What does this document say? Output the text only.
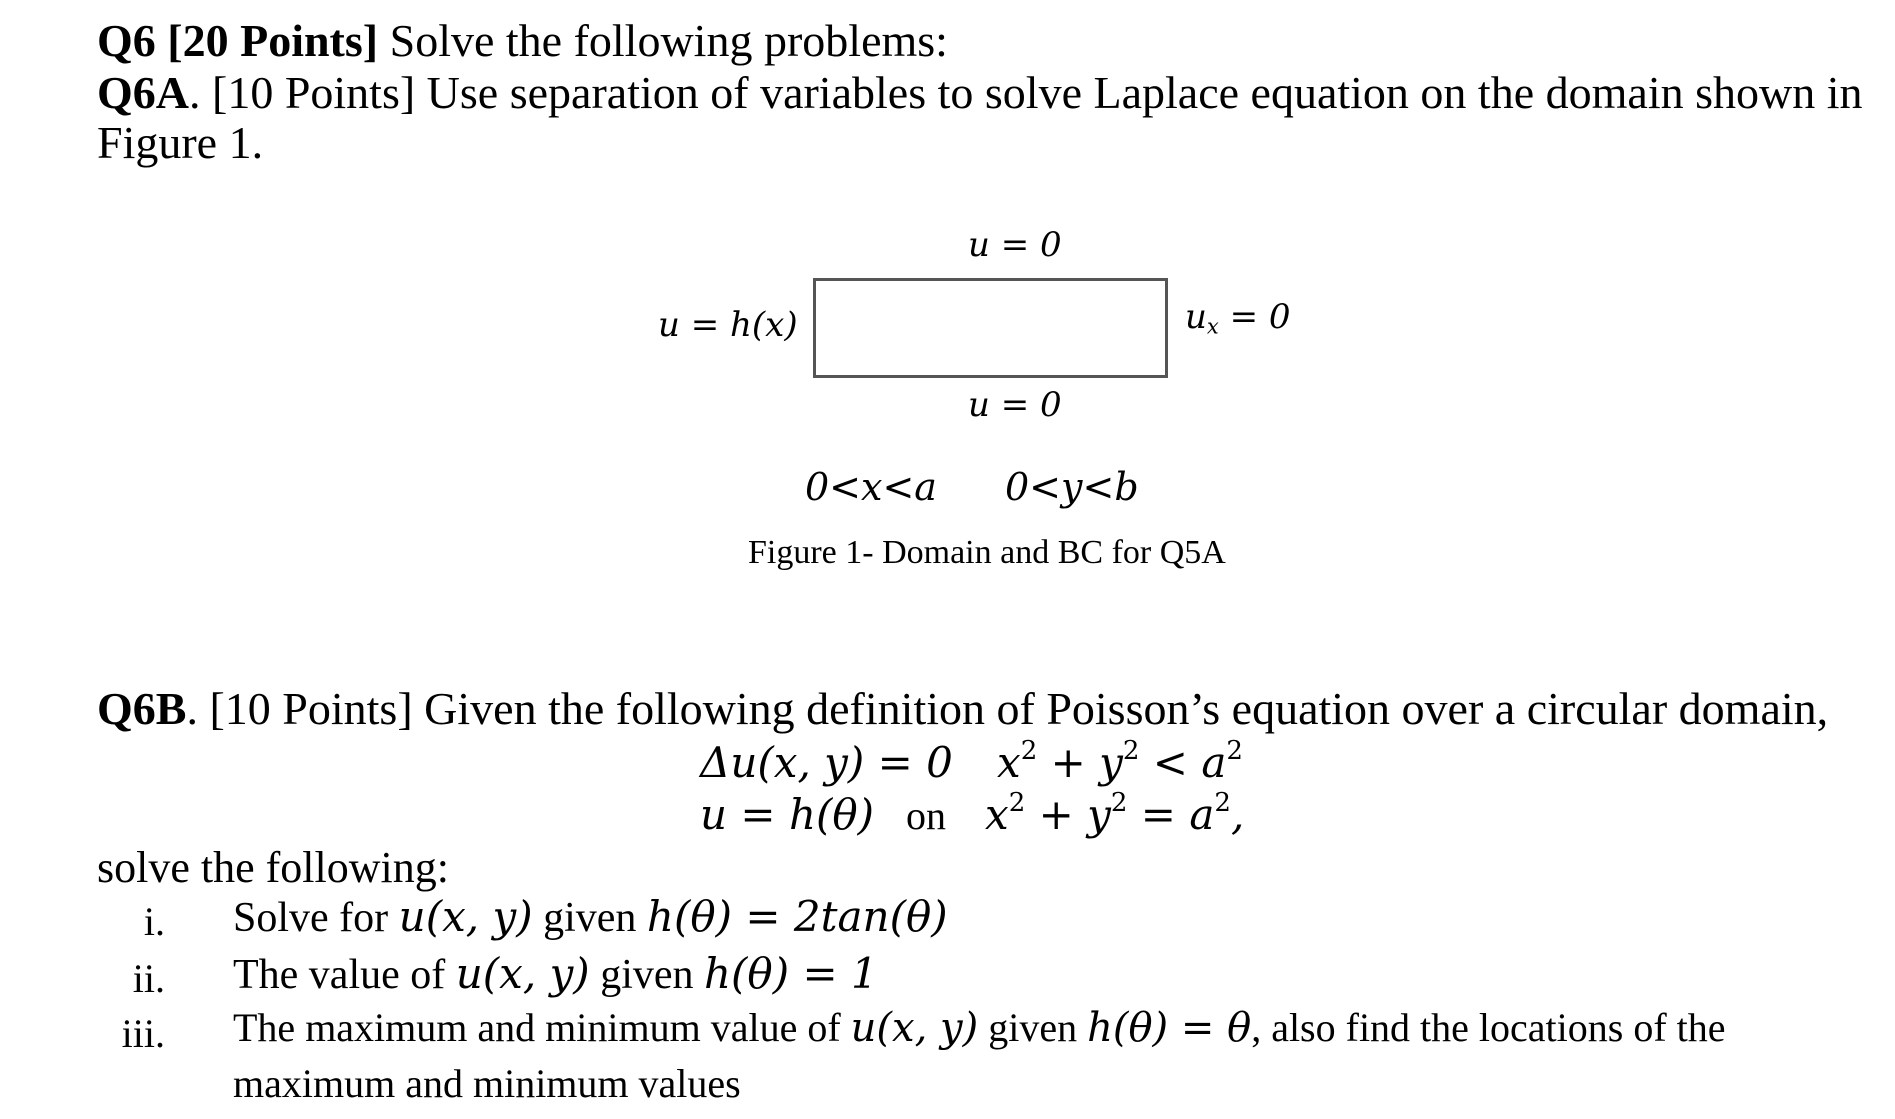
Q6 [20 Points] Solve the following problems:
Q6A. [10 Points] Use separation of variables to solve Laplace equation on the domain shown in
Figure 1.
u = 0
u = h(x)	$u_x = 0$
u = 0
0<x<a 0<y<b
Figure 1- Domain and BC for Q5A
Q6B. [10 Points] Given the following definition of Poisson’s equation over a circular domain,
Δu(x, y) = 0 $x^2 + y^2 < a^2$
u = h(θ) on $x^2 + y^2 = a^2$,
solve the following:
i. Solve for u(x, y) given h(θ) = 2tan(θ)
ii. The value of u(x, y) given h(θ) = 1
iii. The maximum and minimum value of u(x, y) given h(θ) = θ, also find the locations of the
maximum and minimum values
